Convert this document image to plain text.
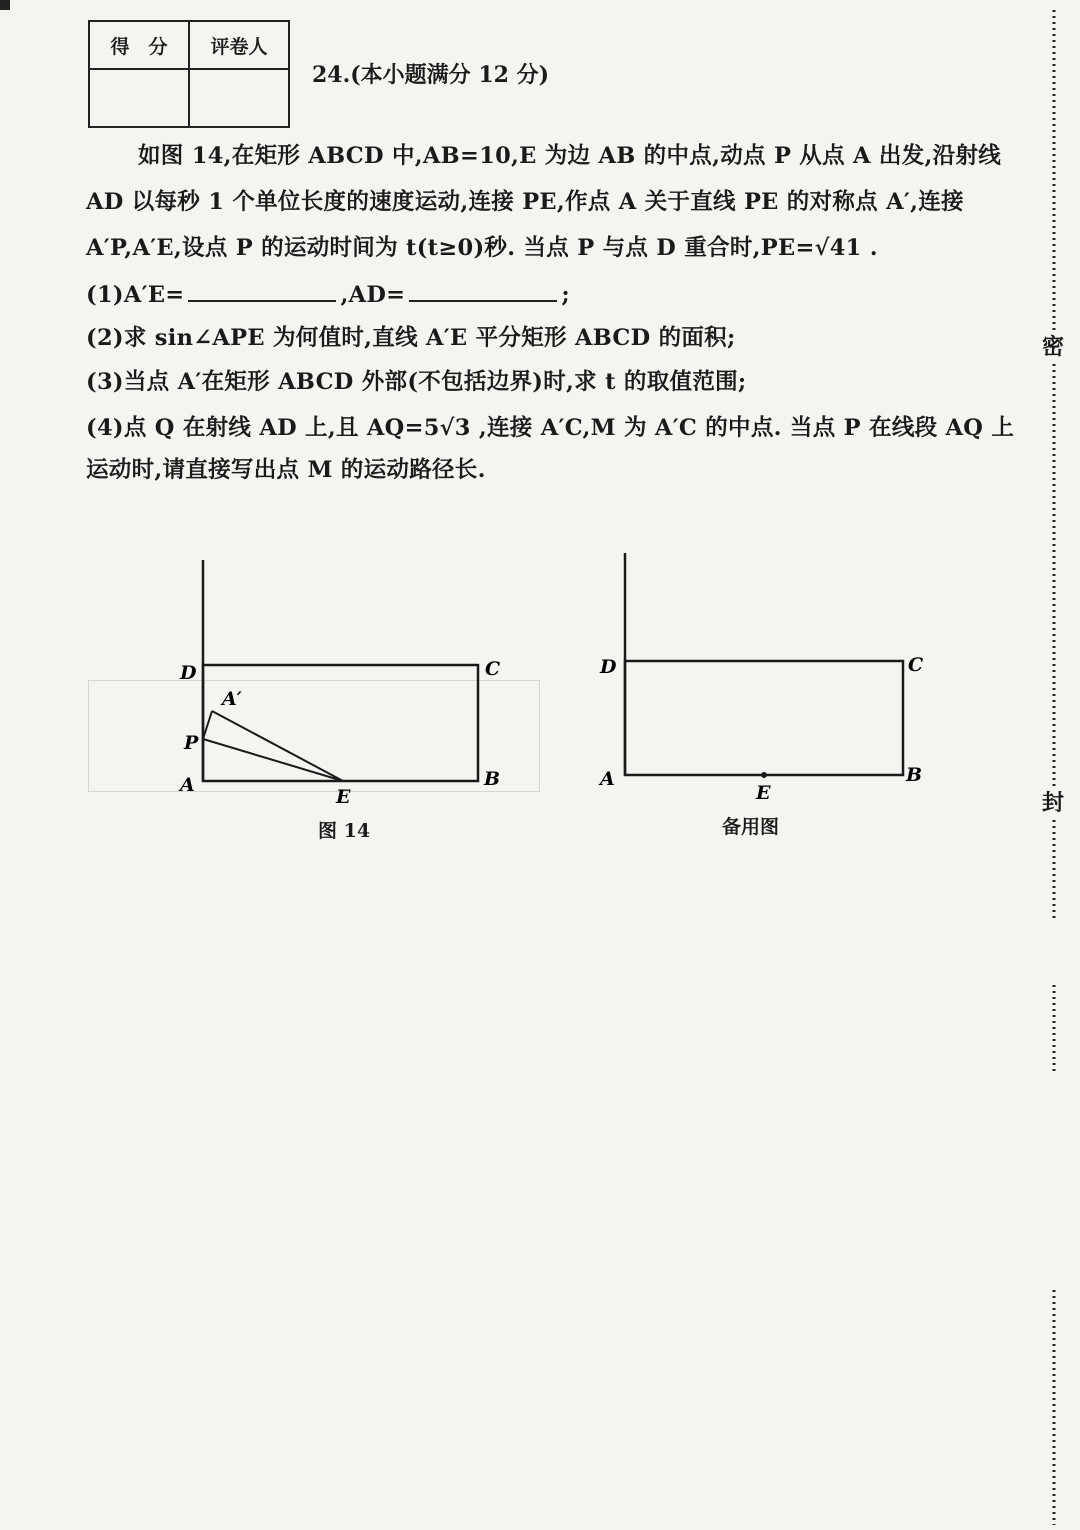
得　分	评卷人

24.(本小题满分 12 分)
如图 14,在矩形 ABCD 中,AB=10,E 为边 AB 的中点,动点 P 从点 A 出发,沿射线
AD 以每秒 1 个单位长度的速度运动,连接 PE,作点 A 关于直线 PE 的对称点 A′,连接
A′P,A′E,设点 P 的运动时间为 t(t≥0)秒. 当点 P 与点 D 重合时,PE=√41 .
(1)A′E=	,AD=	;
(2)求 sin∠APE 为何值时,直线 A′E 平分矩形 ABCD 的面积;
(3)当点 A′在矩形 ABCD 外部(不包括边界)时,求 t 的取值范围;
(4)点 Q 在射线 AD 上,且 AQ=5√3 ,连接 A′C,M 为 A′C 的中点. 当点 P 在线段 AQ 上
运动时,请直接写出点 M 的运动路径长.
D	C
A′
P
A
E
B
图 14
D	C
A
E
B
备用图
密
封
